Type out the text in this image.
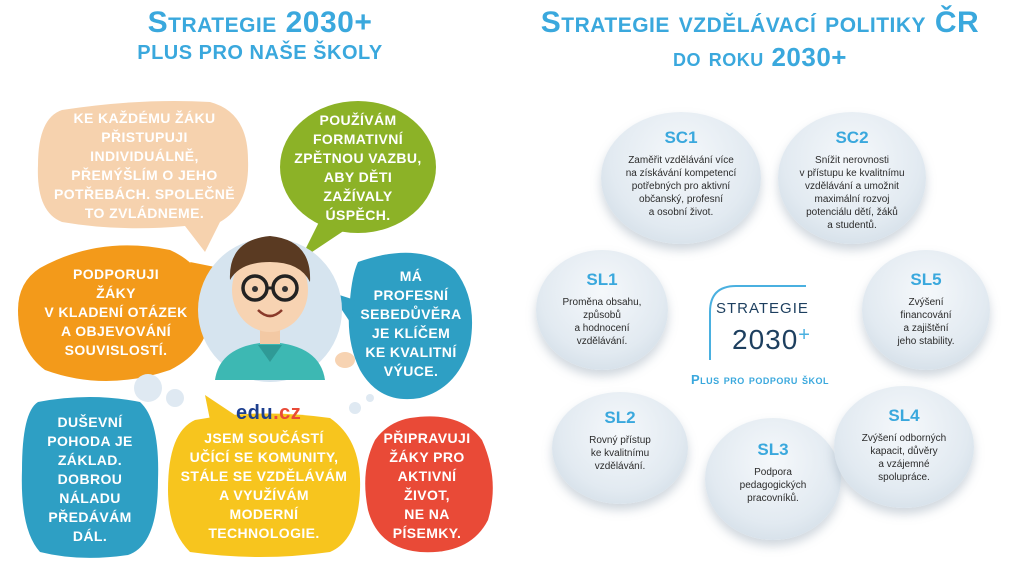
Strategie 2030+
PLUS PRO NAŠE ŠKOLY
Strategie vzdělávací politiky ČR
do roku 2030+
edu.cz
KE KAŽDÉMU ŽÁKU
PŘISTUPUJI INDIVIDUÁLNĚ,
PŘEMÝŠLÍM O JEHO
POTŘEBÁCH. SPOLEČNĚ
TO ZVLÁDNEME.
POUŽÍVÁM
FORMATIVNÍ
ZPĚTNOU VAZBU,
ABY DĚTI ZAŽÍVALY
ÚSPĚCH.
PODPORUJI
ŽÁKY
V KLADENÍ OTÁZEK
A OBJEVOVÁNÍ
SOUVISLOSTÍ.
MÁ
PROFESNÍ
SEBEDŮVĚRA
JE KLÍČEM
KE KVALITNÍ
VÝUCE.
DUŠEVNÍ
POHODA JE
ZÁKLAD.
DOBROU
NÁLADU
PŘEDÁVÁM
DÁL.
JSEM SOUČÁSTÍ
UČÍCÍ SE KOMUNITY,
STÁLE SE VZDĚLÁVÁM
A VYUŽÍVÁM
MODERNÍ TECHNOLOGIE.
PŘIPRAVUJI
ŽÁKY PRO
AKTIVNÍ ŽIVOT,
NE NA
PÍSEMKY.
SC1
Zaměřit vzdělávání více
na získávání kompetencí
potřebných pro aktivní
občanský, profesní
a osobní život.
SC2
Snížit nerovnosti
v přístupu ke kvalitnímu
vzdělávání a umožnit
maximální rozvoj
potenciálu dětí, žáků
a studentů.
SL1
Proměna obsahu,
způsobů
a hodnocení
vzdělávání.
SL5
Zvýšení
financování
a zajištění
jeho stability.
SL2
Rovný přístup
ke kvalitnímu
vzdělávání.
SL3
Podpora
pedagogických
pracovníků.
SL4
Zvýšení odborných
kapacit, důvěry
a vzájemné
spolupráce.
STRATEGIE
2030+
Plus pro podporu škol
